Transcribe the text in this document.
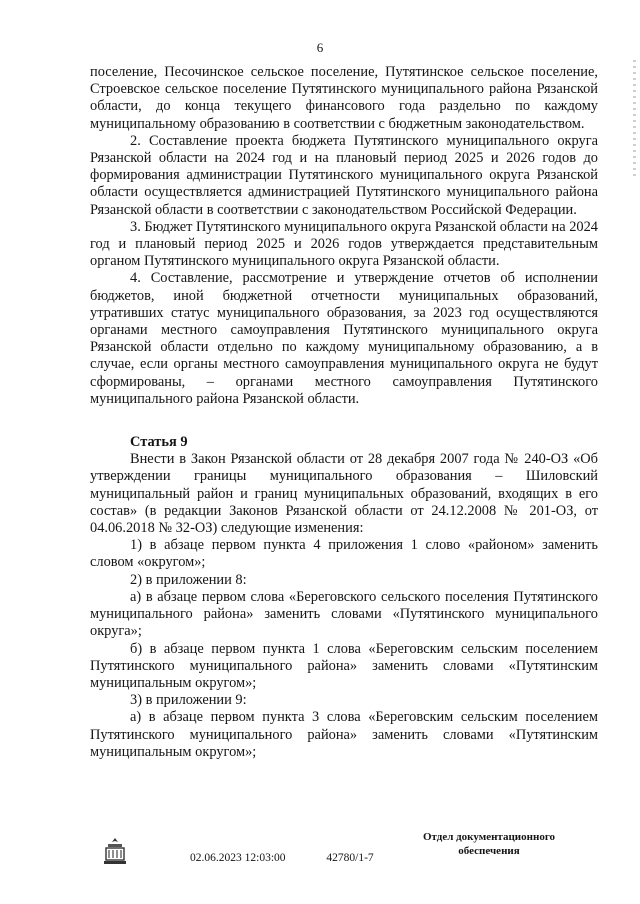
6

поселение, Песочинское сельское поселение, Путятинское сельское поселение, Строевское сельское поселение Путятинского муниципального района Рязанской области, до конца текущего финансового года раздельно по каждому муниципальному образованию в соответствии с бюджетным законодательством.

2. Составление проекта бюджета Путятинского муниципального округа Рязанской области на 2024 год и на плановый период 2025 и 2026 годов до формирования администрации Путятинского муниципального округа Рязанской области осуществляется администрацией Путятинского муниципального района Рязанской области в соответствии с законодательством Российской Федерации.

3. Бюджет Путятинского муниципального округа Рязанской области на 2024 год и плановый период 2025 и 2026 годов утверждается представительным органом Путятинского муниципального округа Рязанской области.

4. Составление, рассмотрение и утверждение отчетов об исполнении бюджетов, иной бюджетной отчетности муниципальных образований, утративших статус муниципального образования, за 2023 год осуществляются органами местного самоуправления Путятинского муниципального округа Рязанской области отдельно по каждому муниципальному образованию, а в случае, если органы местного самоуправления муниципального округа не будут сформированы, – органами местного самоуправления Путятинского муниципального района Рязанской области.

Статья 9

Внести в Закон Рязанской области от 28 декабря 2007 года № 240-ОЗ «Об утверждении границы муниципального образования – Шиловский муниципальный район и границ муниципальных образований, входящих в его состав» (в редакции Законов Рязанской области от 24.12.2008 № 201-ОЗ, от 04.06.2018 № 32-ОЗ) следующие изменения:

1) в абзаце первом пункта 4 приложения 1 слово «районом» заменить словом «округом»;

2) в приложении 8:

а) в абзаце первом слова «Береговского сельского поселения Путятинского муниципального района» заменить словами «Путятинского муниципального округа»;

б) в абзаце первом пункта 1 слова «Береговским сельским поселением Путятинского муниципального района» заменить словами «Путятинским муниципальным округом»;

3) в приложении 9:

а) в абзаце первом пункта 3 слова «Береговским сельским поселением Путятинского муниципального района» заменить словами «Путятинским муниципальным округом»;

02.06.2023 12:03:00	42780/1-7
Отдел документационного
обеспечения
